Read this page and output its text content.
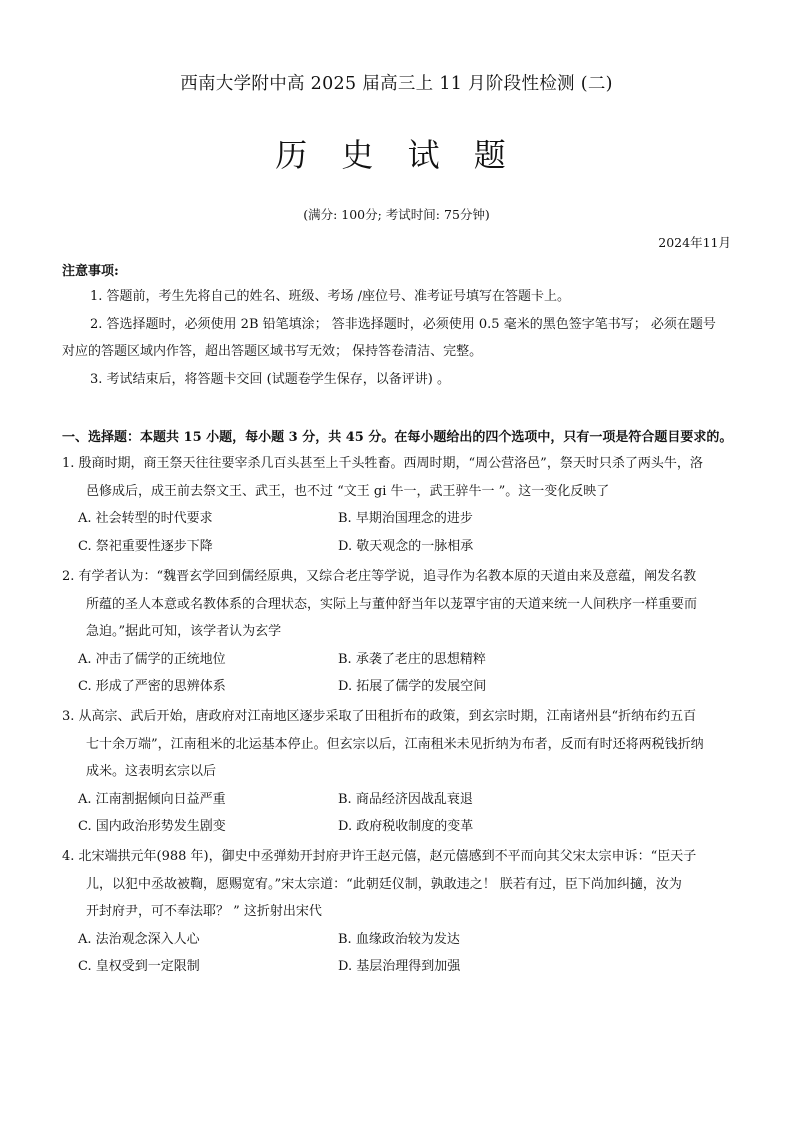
西南大学附中高 2025 届高三上 11 月阶段性检测 (二)
历 史 试 题
(满分: 100分; 考试时间: 75分钟)
2024年11月
注意事项:
1. 答题前，考生先将自己的姓名、班级、考场 /座位号、准考证号填写在答题卡上。
2. 答选择题时，必须使用 2B 铅笔填涂； 答非选择题时，必须使用 0.5 毫米的黑色签字笔书写； 必须在题号
对应的答题区域内作答，超出答题区域书写无效； 保持答卷清洁、完整。
3. 考试结束后，将答题卡交回 (试题卷学生保存，以备评讲) 。
一、选择题：本题共 15 小题，每小题 3 分，共 45 分。在每小题给出的四个选项中，只有一项是符合题目要求的。
1. 殷商时期，商王祭天往往要宰杀几百头甚至上千头牲畜。西周时期，“周公营洛邑”，祭天时只杀了两头牛，洛
邑修成后，成王前去祭文王、武王，也不过 “文王 gi 牛一，武王骍牛一 ”。这一变化反映了
A. 社会转型的时代要求	B. 早期治国理念的进步
C. 祭祀重要性逐步下降	D. 敬天观念的一脉相承
2. 有学者认为：“魏晋玄学回到儒经原典，又综合老庄等学说，追寻作为名教本原的天道由来及意蕴，阐发名教
所蕴的圣人本意或名教体系的合理状态，实际上与董仲舒当年以茏罩宇宙的天道来统一人间秩序一样重要而
急迫。”据此可知，该学者认为玄学
A. 冲击了儒学的正统地位	B. 承袭了老庄的思想精粹
C. 形成了严密的思辨体系	D. 拓展了儒学的发展空间
3. 从高宗、武后开始，唐政府对江南地区逐步采取了田租折布的政策，到玄宗时期，江南诸州县“折纳布约五百
七十余万端”，江南租米的北运基本停止。但玄宗以后，江南租米未见折纳为布者，反而有时还将两税钱折纳
成米。这表明玄宗以后
A. 江南割据倾向日益严重	B. 商品经济因战乱衰退
C. 国内政治形势发生剧变	D. 政府税收制度的变革
4. 北宋端拱元年(988 年)，御史中丞弹劾开封府尹许王赵元僖，赵元僖感到不平而向其父宋太宗申诉：“臣天子
儿，以犯中丞故被鞫，愿赐宽宥。”宋太宗道：“此朝廷仪制，孰敢违之！ 朕若有过，臣下尚加纠擿，汝为
开封府尹，可不奉法耶？ ” 这折射出宋代
A. 法治观念深入人心	B. 血缘政治较为发达
C. 皇权受到一定限制	D. 基层治理得到加强
